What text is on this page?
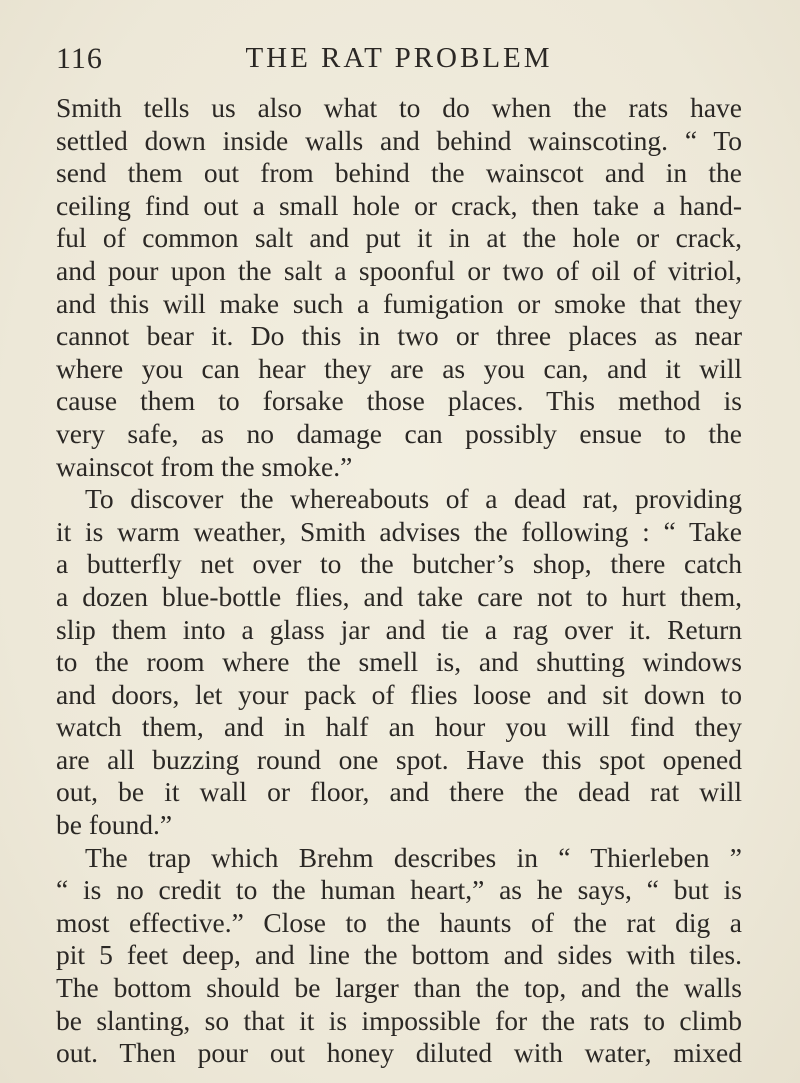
116	THE RAT PROBLEM
Smith tells us also what to do when the rats have
settled down inside walls and behind wainscoting. “ To
send them out from behind the wainscot and in the
ceiling find out a small hole or crack, then take a hand-
ful of common salt and put it in at the hole or crack,
and pour upon the salt a spoonful or two of oil of vitriol,
and this will make such a fumigation or smoke that they
cannot bear it. Do this in two or three places as near
where you can hear they are as you can, and it will
cause them to forsake those places. This method is
very safe, as no damage can possibly ensue to the
wainscot from the smoke.”
To discover the whereabouts of a dead rat, providing
it is warm weather, Smith advises the following : “ Take
a butterfly net over to the butcher’s shop, there catch
a dozen blue-bottle flies, and take care not to hurt them,
slip them into a glass jar and tie a rag over it. Return
to the room where the smell is, and shutting windows
and doors, let your pack of flies loose and sit down to
watch them, and in half an hour you will find they
are all buzzing round one spot. Have this spot opened
out, be it wall or floor, and there the dead rat will
be found.”
The trap which Brehm describes in “ Thierleben ”
“ is no credit to the human heart,” as he says, “ but is
most effective.” Close to the haunts of the rat dig a
pit 5 feet deep, and line the bottom and sides with tiles.
The bottom should be larger than the top, and the walls
be slanting, so that it is impossible for the rats to climb
out. Then pour out honey diluted with water, mixed
